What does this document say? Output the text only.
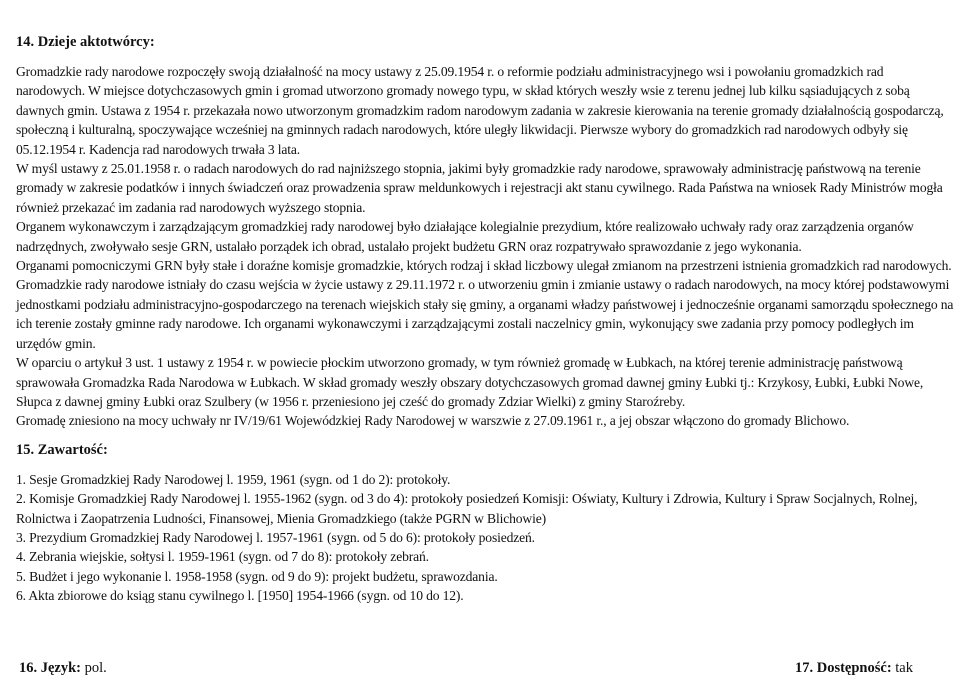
14. Dzieje aktotwórcy:

Gromadzkie rady narodowe rozpoczęły swoją działalność na mocy ustawy z 25.09.1954 r. o reformie podziału administracyjnego wsi i powołaniu gromadzkich rad narodowych. W miejsce dotychczasowych gmin i gromad utworzono gromady nowego typu, w skład których weszły wsie z terenu jednej lub kilku sąsiadujących z sobą dawnych gmin. Ustawa z 1954 r. przekazała nowo utworzonym gromadzkim radom narodowym zadania w zakresie kierowania na terenie gromady działalnością gospodarczą, społeczną i kulturalną, spoczywające wcześniej na gminnych radach narodowych, które uległy likwidacji. Pierwsze wybory do gromadzkich rad narodowych odbyły się 05.12.1954 r. Kadencja rad narodowych trwała 3 lata.

W myśl ustawy z 25.01.1958 r. o radach narodowych do rad najniższego stopnia, jakimi były gromadzkie rady narodowe, sprawowały administrację państwową na terenie gromady w zakresie podatków i innych świadczeń oraz prowadzenia spraw meldunkowych i rejestracji akt stanu cywilnego. Rada Państwa na wniosek Rady Ministrów mogła również przekazać im zadania rad narodowych wyższego stopnia.

Organem wykonawczym i zarządzającym gromadzkiej rady narodowej było działające kolegialnie prezydium, które realizowało uchwały rady oraz zarządzenia organów nadrzędnych, zwoływało sesje GRN, ustalało porządek ich obrad, ustalało projekt budżetu GRN oraz rozpatrywało sprawozdanie z jego wykonania.

Organami pomocniczymi GRN były stałe i doraźne komisje gromadzkie, których rodzaj i skład liczbowy ulegał zmianom na przestrzeni istnienia gromadzkich rad narodowych.

Gromadzkie rady narodowe istniały do czasu wejścia w życie ustawy z 29.11.1972 r. o utworzeniu gmin i zmianie ustawy o radach narodowych, na mocy której podstawowymi jednostkami podziału administracyjno-gospodarczego na terenach wiejskich stały się gminy, a organami władzy państwowej i jednocześnie organami samorządu społecznego na ich terenie zostały gminne rady narodowe. Ich organami wykonawczymi i zarządzającymi zostali naczelnicy gmin, wykonujący swe zadania przy pomocy podległych im urzędów gmin.

W oparciu o artykuł 3 ust. 1 ustawy z 1954 r. w powiecie płockim utworzono gromady, w tym również gromadę w Łubkach, na której terenie administrację państwową sprawowała Gromadzka Rada Narodowa w Łubkach. W skład gromady weszły obszary dotychczasowych gromad dawnej gminy Łubki tj.: Krzykosy, Łubki, Łubki Nowe, Słupca z dawnej gminy Łubki oraz Szulbery (w 1956 r. przeniesiono jej cześć do gromady Zdziar Wielki) z gminy Staroźreby.

Gromadę zniesiono na mocy uchwały nr IV/19/61 Wojewódzkiej Rady Narodowej w warszwie z 27.09.1961 r., a jej obszar włączono do gromady Blichowo.

15. Zawartość:

1. Sesje Gromadzkiej Rady Narodowej l. 1959, 1961 (sygn. od 1 do 2): protokoły.

2. Komisje Gromadzkiej Rady Narodowej l. 1955-1962 (sygn. od 3 do 4): protokoły posiedzeń Komisji: Oświaty, Kultury i Zdrowia, Kultury i Spraw Socjalnych, Rolnej, Rolnictwa i Zaopatrzenia Ludności, Finansowej, Mienia Gromadzkiego (także PGRN w Blichowie)

3. Prezydium Gromadzkiej Rady Narodowej l. 1957-1961 (sygn. od 5 do 6): protokoły posiedzeń.

4. Zebrania wiejskie, sołtysi l. 1959-1961 (sygn. od 7 do 8): protokoły zebrań.

5. Budżet i jego wykonanie l. 1958-1958 (sygn. od 9 do 9): projekt budżetu, sprawozdania.

6. Akta zbiorowe do ksiąg stanu cywilnego l. [1950] 1954-1966 (sygn. od 10 do 12).

16. Język: pol.	17. Dostępność: tak
